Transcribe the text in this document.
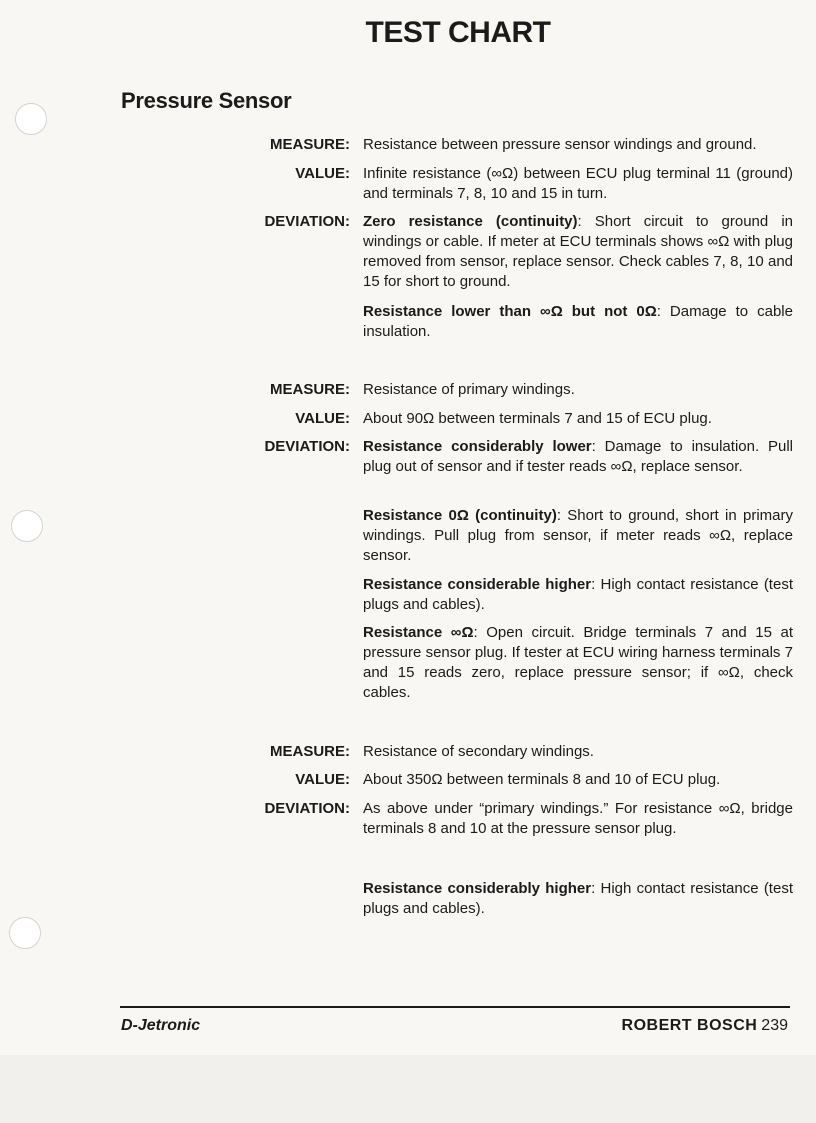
TEST CHART
Pressure Sensor
MEASURE: Resistance between pressure sensor windings and ground.
VALUE: Infinite resistance (∞Ω) between ECU plug terminal 11 (ground) and terminals 7, 8, 10 and 15 in turn.
DEVIATION: Zero resistance (continuity): Short circuit to ground in windings or cable. If meter at ECU terminals shows ∞Ω with plug removed from sensor, replace sensor. Check cables 7, 8, 10 and 15 for short to ground.
Resistance lower than ∞Ω but not 0Ω: Damage to cable insulation.
MEASURE: Resistance of primary windings.
VALUE: About 90Ω between terminals 7 and 15 of ECU plug.
DEVIATION: Resistance considerably lower: Damage to insulation. Pull plug out of sensor and if tester reads ∞Ω, replace sensor.
Resistance 0Ω (continuity): Short to ground, short in primary windings. Pull plug from sensor, if meter reads ∞Ω, replace sensor.
Resistance considerable higher: High contact resistance (test plugs and cables).
Resistance ∞Ω: Open circuit. Bridge terminals 7 and 15 at pressure sensor plug. If tester at ECU wiring harness terminals 7 and 15 reads zero, replace pressure sensor; if ∞Ω, check cables.
MEASURE: Resistance of secondary windings.
VALUE: About 350Ω between terminals 8 and 10 of ECU plug.
DEVIATION: As above under “primary windings.” For resistance ∞Ω, bridge terminals 8 and 10 at the pressure sensor plug.
Resistance considerably higher: High contact resistance (test plugs and cables).
D-Jetronic	ROBERT BOSCH 239
